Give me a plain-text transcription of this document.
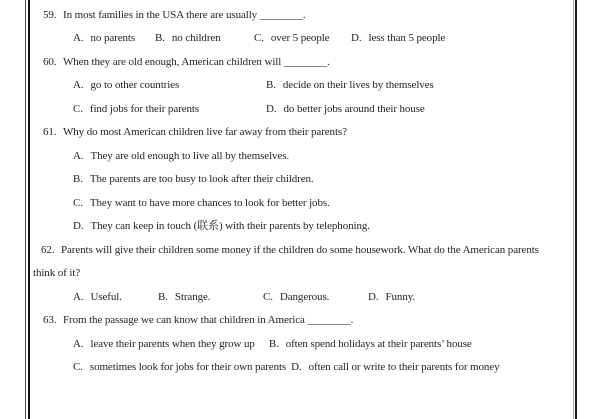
59. In most families in the USA there are usually ________.
A. no parents B. no children	C. over 5 people D. less than 5 people
60. When they are old enough, American children will ________.
A. go to other countries	B. decide on their lives by themselves
C. find jobs for their parents	D. do better jobs around their house
61. Why do most American children live far away from their parents?
A. They are old enough to live all by themselves.
B. The parents are too busy to look after their children.
C. They want to have more chances to look for better jobs.
D. They can keep in touch (联系) with their parents by telephoning.
62. Parents will give their children some money if the children do some housework. What do the American parents
think of it?
A. Useful.	B. Strange.	C. Dangerous.	D. Funny.
63. From the passage we can know that children in America ________.
A. leave their parents when they grow up B. often spend holidays at their parents’ house
C. sometimes look for jobs for their own parents D. often call or write to their parents for money
